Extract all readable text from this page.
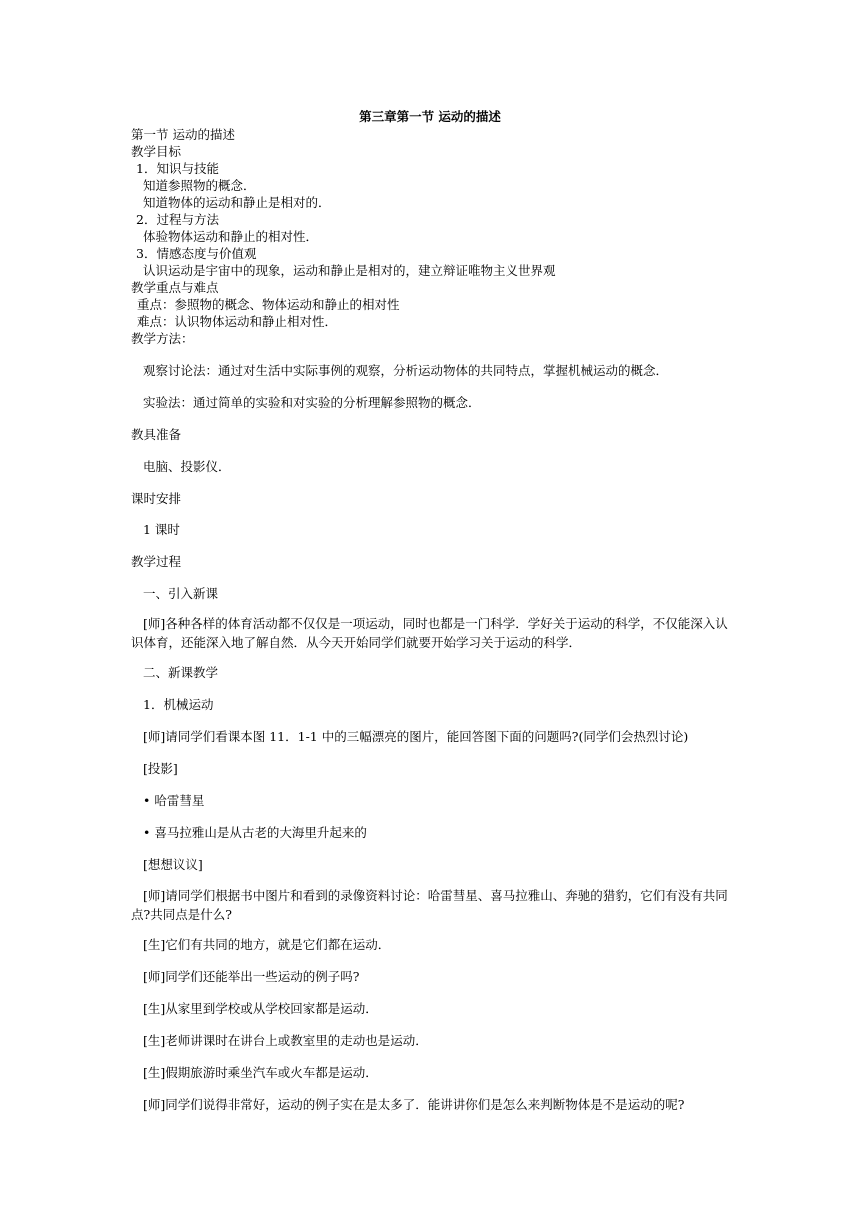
第三章第一节 运动的描述
第一节 运动的描述
教学目标
1．知识与技能
知道参照物的概念．
知道物体的运动和静止是相对的．
2．过程与方法
体验物体运动和静止的相对性．
3．情感态度与价值观
认识运动是宇宙中的现象，运动和静止是相对的，建立辩证唯物主义世界观
教学重点与难点
重点：参照物的概念、物体运动和静止的相对性
难点：认识物体运动和静止相对性．
教学方法：
观察讨论法：通过对生活中实际事例的观察，分析运动物体的共同特点，掌握机械运动的概念．
实验法：通过简单的实验和对实验的分析理解参照物的概念．
教具准备
电脑、投影仪．
课时安排
1 课时
教学过程
一、引入新课
[师]各种各样的体育活动都不仅仅是一项运动，同时也都是一门科学．学好关于运动的科学，不仅能深入认识体育，还能深入地了解自然．从今天开始同学们就要开始学习关于运动的科学．
二、新课教学
1．机械运动
[师]请同学们看课本图 11．1-1 中的三幅漂亮的图片，能回答图下面的问题吗?(同学们会热烈讨论)
[投影]
• 哈雷彗星
• 喜马拉雅山是从古老的大海里升起来的
[想想议议]
[师]请同学们根据书中图片和看到的录像资料讨论：哈雷彗星、喜马拉雅山、奔驰的猎豹，它们有没有共同点?共同点是什么?
[生]它们有共同的地方，就是它们都在运动．
[师]同学们还能举出一些运动的例子吗?
[生]从家里到学校或从学校回家都是运动．
[生]老师讲课时在讲台上或教室里的走动也是运动．
[生]假期旅游时乘坐汽车或火车都是运动．
[师]同学们说得非常好，运动的例子实在是太多了．能讲讲你们是怎么来判断物体是不是运动的呢?
